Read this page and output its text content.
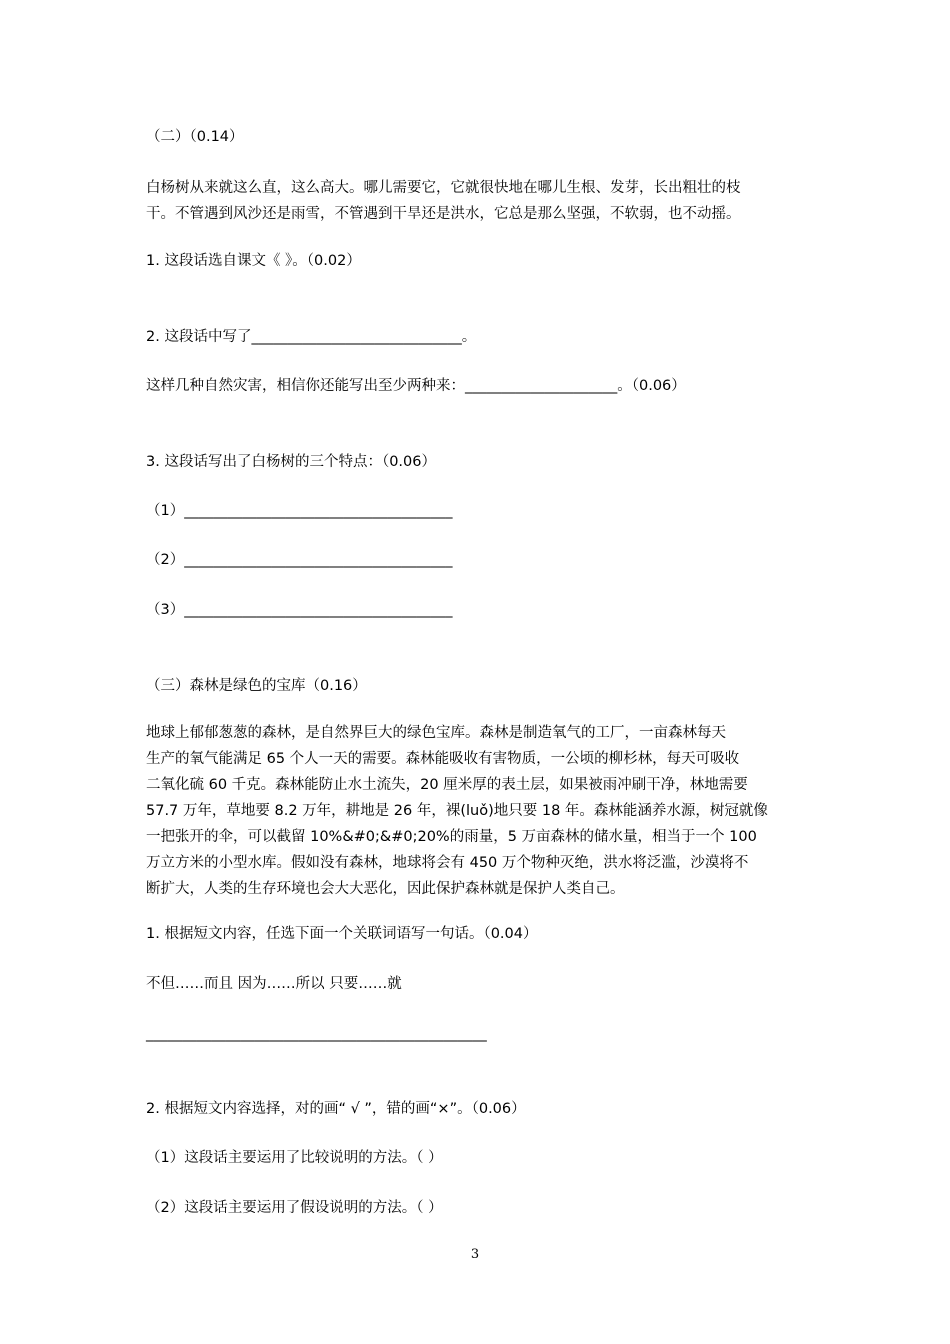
（二）（0.14）

白杨树从来就这么直，这么高大。哪儿需要它，它就很快地在哪儿生根、发芽，长出粗壮的枝
干。不管遇到风沙还是雨雪，不管遇到干旱还是洪水，它总是那么坚强，不软弱，也不动摇。

1. 这段话选自课文《 》。（0.02）

2. 这段话中写了_____________________________。

这样几种自然灾害，相信你还能写出至少两种来：_____________________。（0.06）

3. 这段话写出了白杨树的三个特点：（0.06）

（1）_____________________________________

（2）_____________________________________

（3）_____________________________________

（三）森林是绿色的宝库（0.16）

地球上郁郁葱葱的森林，是自然界巨大的绿色宝库。森林是制造氧气的工厂，一亩森林每天
生产的氧气能满足 65 个人一天的需要。森林能吸收有害物质，一公顷的柳杉林，每天可吸收
二氧化硫 60 千克。森林能防止水土流失，20 厘米厚的表土层，如果被雨冲刷干净，林地需要
57.7 万年，草地要 8.2 万年，耕地是 26 年，裸(luǒ)地只要 18 年。森林能涵养水源，树冠就像
一把张开的伞，可以截留 10%&#0;&#0;20%的雨量，5 万亩森林的储水量，相当于一个 100
万立方米的小型水库。假如没有森林，地球将会有 450 万个物种灭绝，洪水将泛滥，沙漠将不
断扩大，人类的生存环境也会大大恶化，因此保护森林就是保护人类自己。

1. 根据短文内容，任选下面一个关联词语写一句话。（0.04）

不但……而且 因为……所以 只要……就

_______________________________________________

2. 根据短文内容选择，对的画“ √ ”，错的画“×”。（0.06）

（1）这段话主要运用了比较说明的方法。（ ）

（2）这段话主要运用了假设说明的方法。（ ）

3
